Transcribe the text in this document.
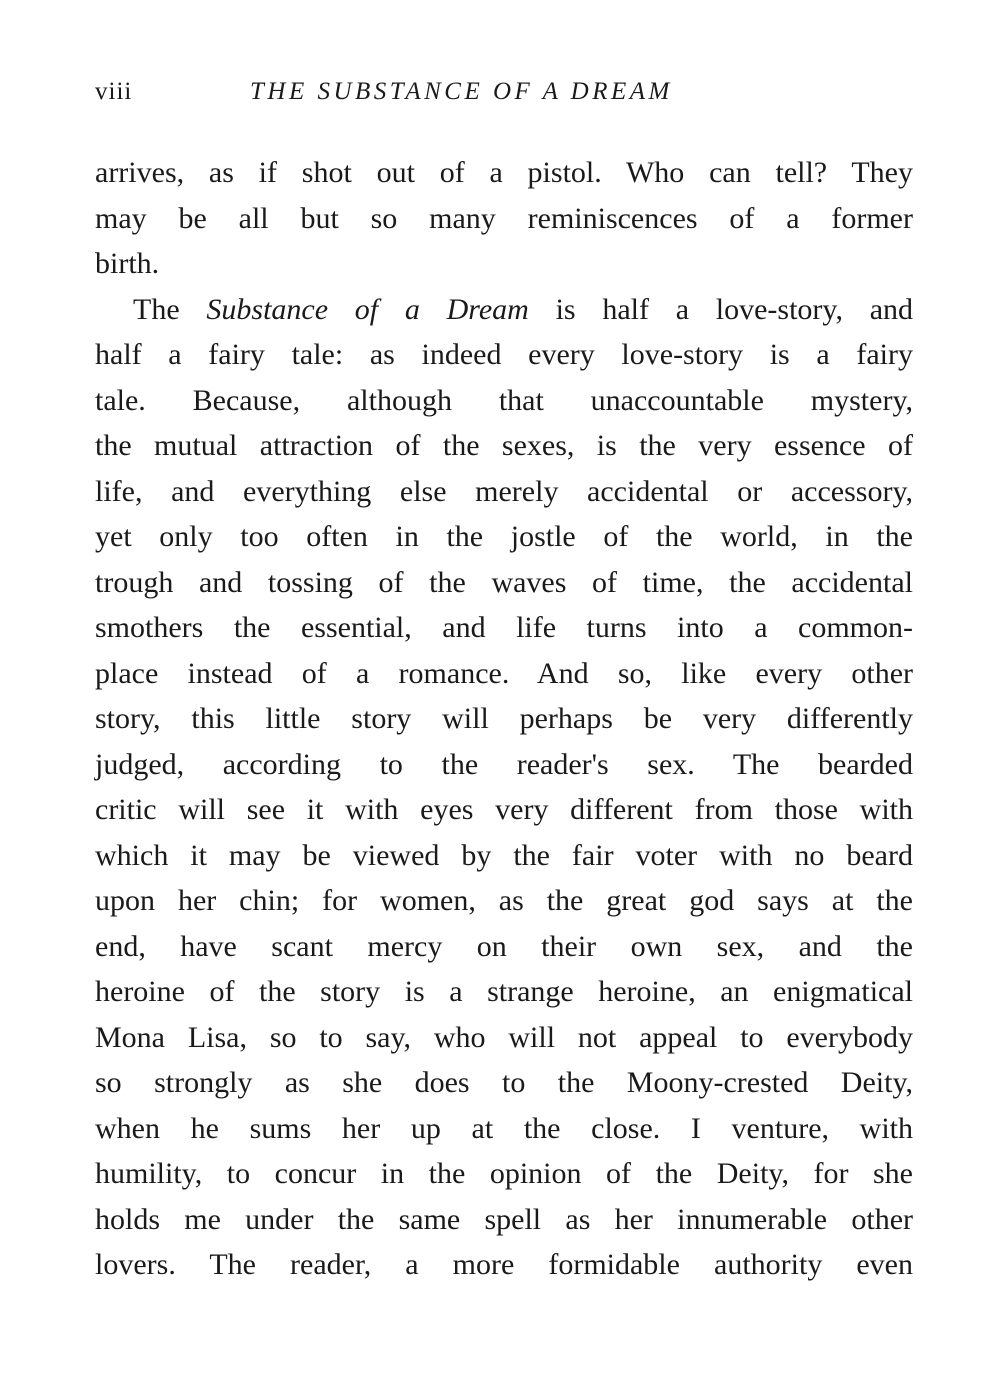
viii	THE SUBSTANCE OF A DREAM
arrives, as if shot out of a pistol. Who can tell? They
may be all but so many reminiscences of a former
birth.
The Substance of a Dream is half a love-story, and
half a fairy tale: as indeed every love-story is a fairy
tale. Because, although that unaccountable mystery,
the mutual attraction of the sexes, is the very essence of
life, and everything else merely accidental or accessory,
yet only too often in the jostle of the world, in the
trough and tossing of the waves of time, the accidental
smothers the essential, and life turns into a common-
place instead of a romance. And so, like every other
story, this little story will perhaps be very differently
judged, according to the reader's sex. The bearded
critic will see it with eyes very different from those with
which it may be viewed by the fair voter with no beard
upon her chin; for women, as the great god says at the
end, have scant mercy on their own sex, and the
heroine of the story is a strange heroine, an enigmatical
Mona Lisa, so to say, who will not appeal to everybody
so strongly as she does to the Moony-crested Deity,
when he sums her up at the close. I venture, with
humility, to concur in the opinion of the Deity, for she
holds me under the same spell as her innumerable other
lovers. The reader, a more formidable authority even
